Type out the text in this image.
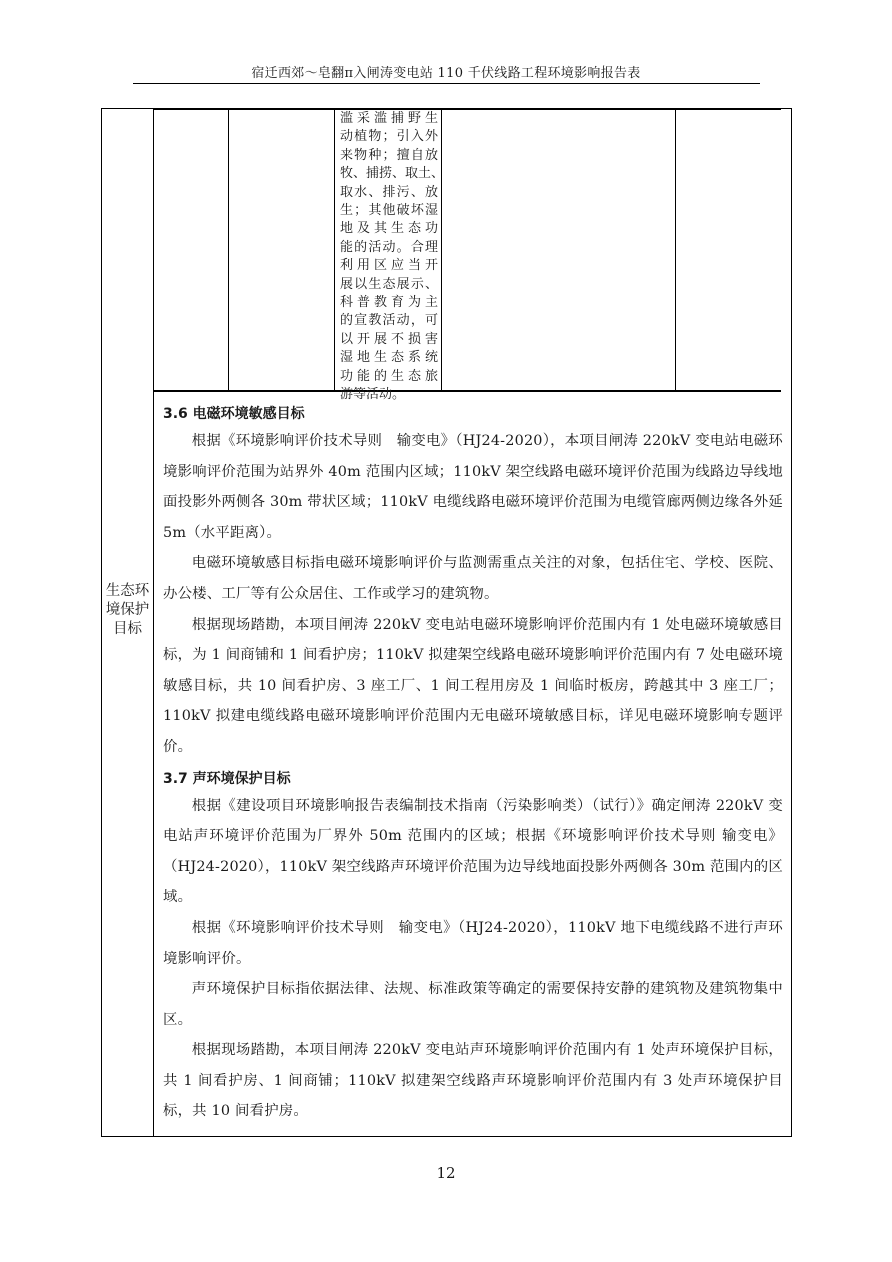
宿迁西郊～皂翻π入闸涛变电站 110 千伏线路工程环境影响报告表
生态环
境保护
目标
滥采滥捕野生
动植物；引入外
来物种；擅自放
牧、捕捞、取土、
取水、排污、放
生；其他破坏湿
地及其生态功
能的活动。合理
利用区应当开
展以生态展示、
科普教育为主
的宣教活动，可
以开展不损害
湿地生态系统
功能的生态旅
游等活动。
3.6 电磁环境敏感目标

根据《环境影响评价技术导则　输变电》（HJ24-2020），本项目闸涛 220kV 变电站电磁环境影响评价范围为站界外 40m 范围内区域；110kV 架空线路电磁环境评价范围为线路边导线地面投影外两侧各 30m 带状区域；110kV 电缆线路电磁环境评价范围为电缆管廊两侧边缘各外延 5m（水平距离）。

电磁环境敏感目标指电磁环境影响评价与监测需重点关注的对象，包括住宅、学校、医院、办公楼、工厂等有公众居住、工作或学习的建筑物。

根据现场踏勘，本项目闸涛 220kV 变电站电磁环境影响评价范围内有 1 处电磁环境敏感目标，为 1 间商铺和 1 间看护房；110kV 拟建架空线路电磁环境影响评价范围内有 7 处电磁环境敏感目标，共 10 间看护房、3 座工厂、1 间工程用房及 1 间临时板房，跨越其中 3 座工厂；110kV 拟建电缆线路电磁环境影响评价范围内无电磁环境敏感目标，详见电磁环境影响专题评价。

3.7 声环境保护目标

根据《建设项目环境影响报告表编制技术指南（污染影响类）（试行）》确定闸涛 220kV 变电站声环境评价范围为厂界外 50m 范围内的区域；根据《环境影响评价技术导则 输变电》（HJ24-2020），110kV 架空线路声环境评价范围为边导线地面投影外两侧各 30m 范围内的区域。

根据《环境影响评价技术导则　输变电》（HJ24-2020），110kV 地下电缆线路不进行声环境影响评价。

声环境保护目标指依据法律、法规、标准政策等确定的需要保持安静的建筑物及建筑物集中区。

根据现场踏勘，本项目闸涛 220kV 变电站声环境影响评价范围内有 1 处声环境保护目标，共 1 间看护房、1 间商铺；110kV 拟建架空线路声环境影响评价范围内有 3 处声环境保护目标，共 10 间看护房。

12
